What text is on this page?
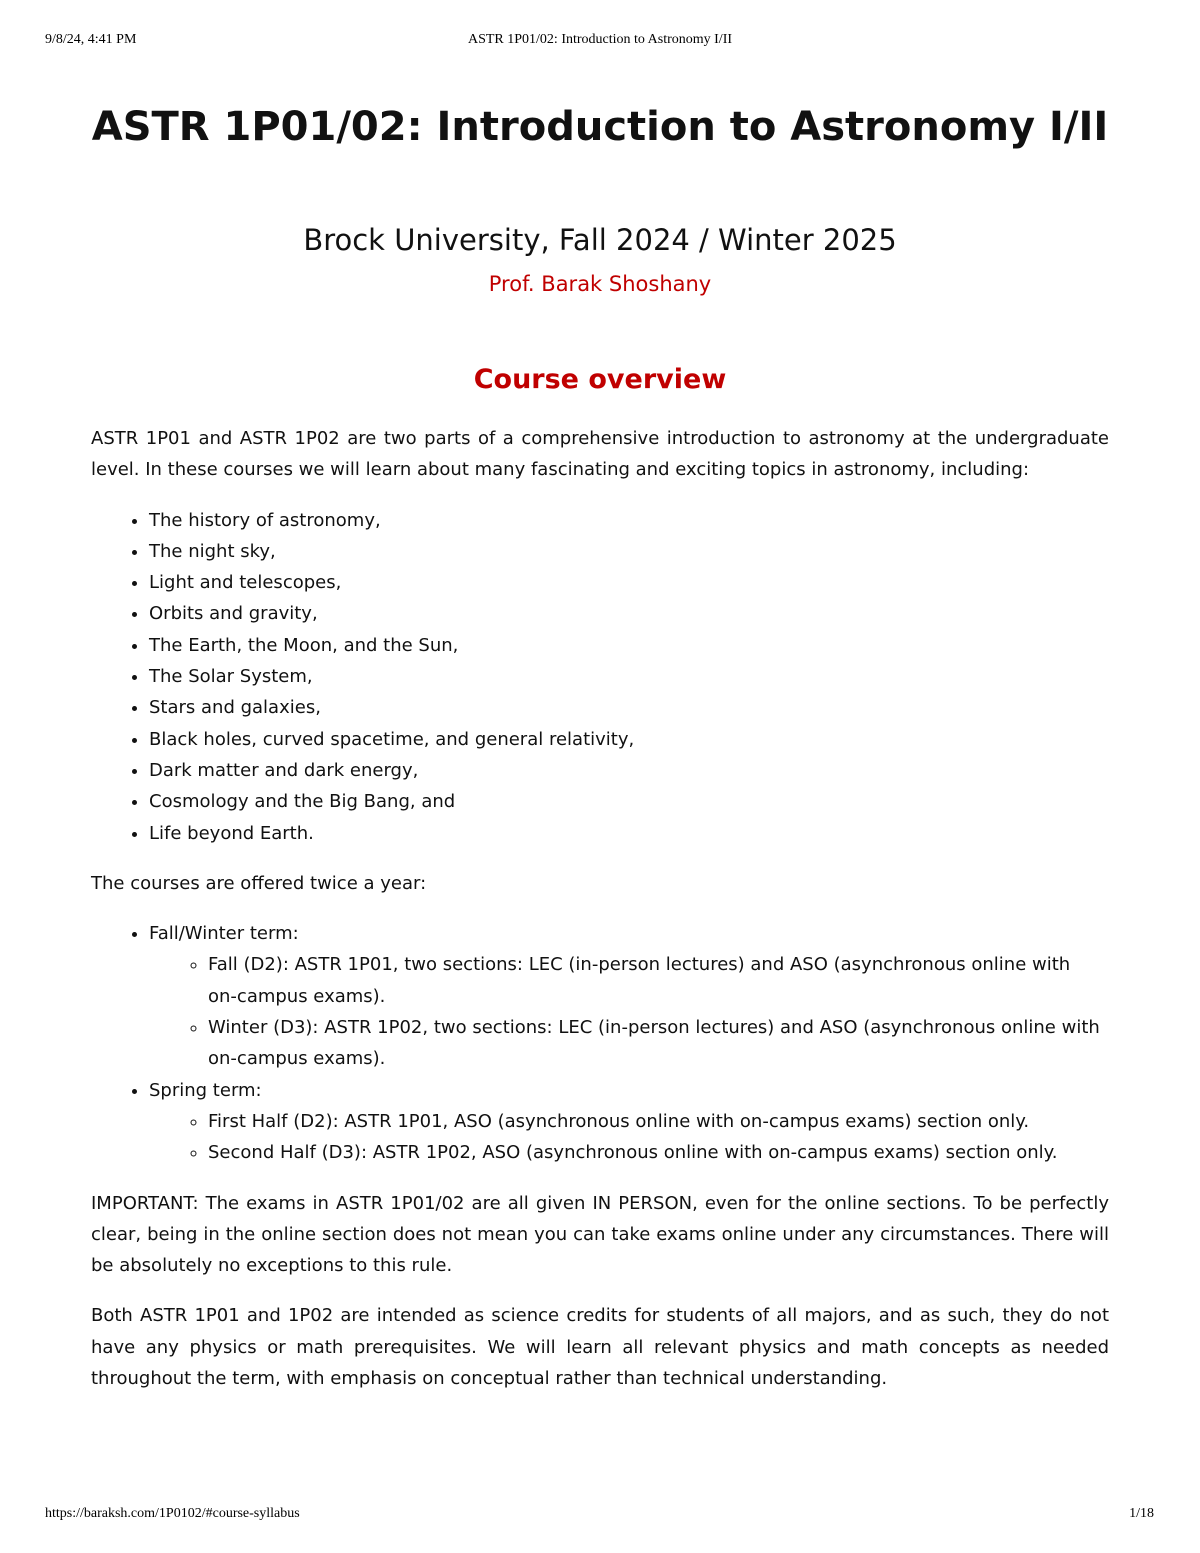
9/8/24, 4:41 PM	ASTR 1P01/02: Introduction to Astronomy I/II
ASTR 1P01/02: Introduction to Astronomy I/II

Brock University, Fall 2024 / Winter 2025

Prof. Barak Shoshany

Course overview

ASTR 1P01 and ASTR 1P02 are two parts of a comprehensive introduction to astronomy at the undergraduate level. In these courses we will learn about many fascinating and exciting topics in astronomy, including:

• The history of astronomy,
• The night sky,
• Light and telescopes,
• Orbits and gravity,
• The Earth, the Moon, and the Sun,
• The Solar System,
• Stars and galaxies,
• Black holes, curved spacetime, and general relativity,
• Dark matter and dark energy,
• Cosmology and the Big Bang, and
• Life beyond Earth.

The courses are offered twice a year:

• Fall/Winter term:
◦ Fall (D2): ASTR 1P01, two sections: LEC (in-person lectures) and ASO (asynchronous online with on-campus exams).
◦ Winter (D3): ASTR 1P02, two sections: LEC (in-person lectures) and ASO (asynchronous online with on-campus exams).
• Spring term:
◦ First Half (D2): ASTR 1P01, ASO (asynchronous online with on-campus exams) section only.
◦ Second Half (D3): ASTR 1P02, ASO (asynchronous online with on-campus exams) section only.

IMPORTANT: The exams in ASTR 1P01/02 are all given IN PERSON, even for the online sections. To be perfectly clear, being in the online section does not mean you can take exams online under any circumstances. There will be absolutely no exceptions to this rule.

Both ASTR 1P01 and 1P02 are intended as science credits for students of all majors, and as such, they do not have any physics or math prerequisites. We will learn all relevant physics and math concepts as needed throughout the term, with emphasis on conceptual rather than technical understanding.

https://baraksh.com/1P0102/#course-syllabus	1/18
